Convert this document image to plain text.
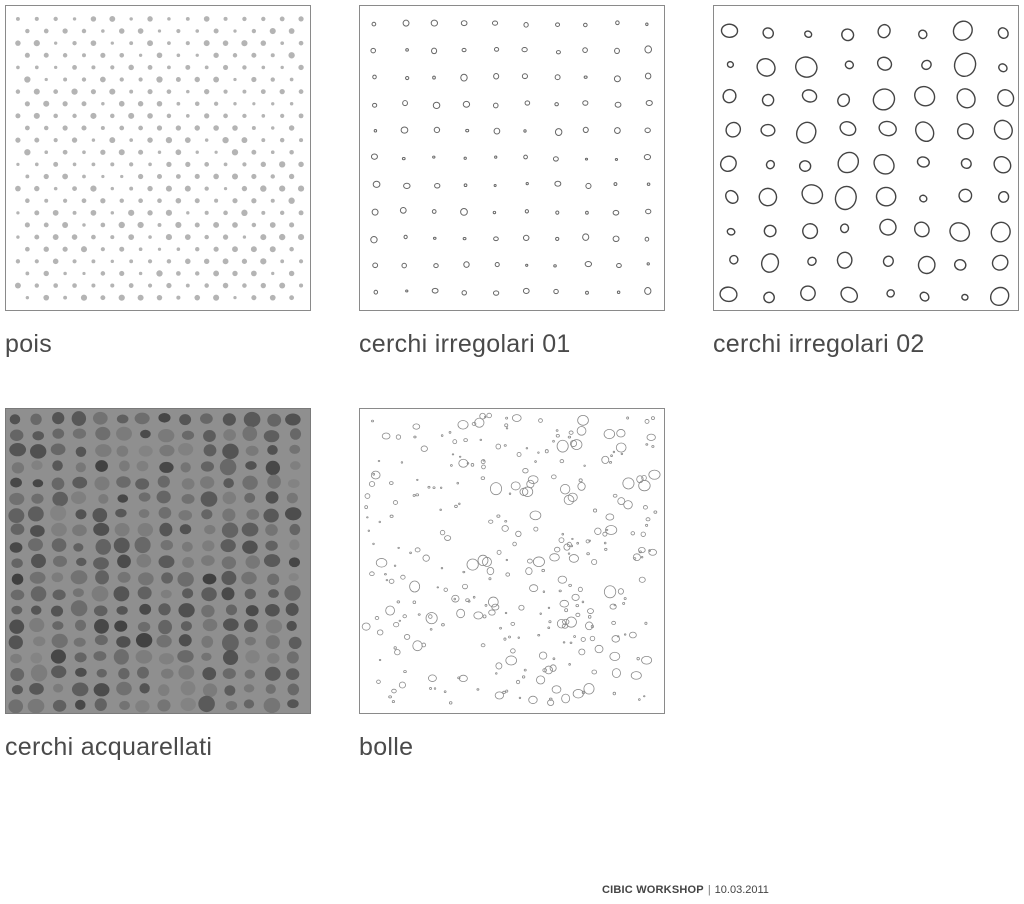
pois	cerchi irregolari 01	cerchi irregolari 02
cerchi acquarellati	bolle
CIBIC WORKSHOP | 10.03.2011
